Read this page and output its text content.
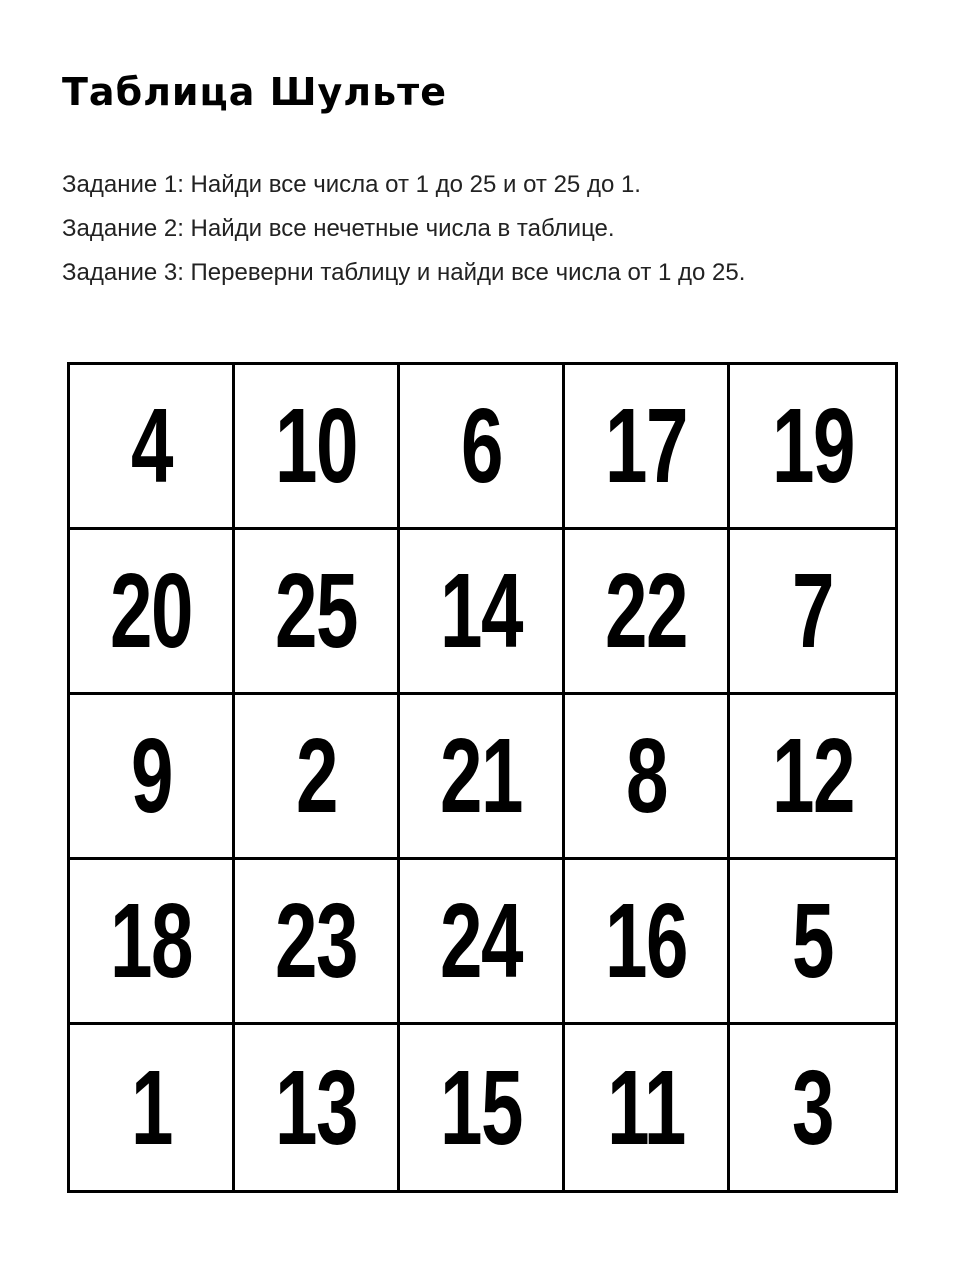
Таблица Шульте
Задание 1: Найди все числа от 1 до 25 и от 25 до 1.
Задание 2: Найди все нечетные числа в таблице.
Задание 3: Переверни таблицу и найди все числа от 1 до 25.
4 10 6 17 19
20 25 14 22 7
9 2 21 8 12
18 23 24 16 5
1 13 15 11 3
